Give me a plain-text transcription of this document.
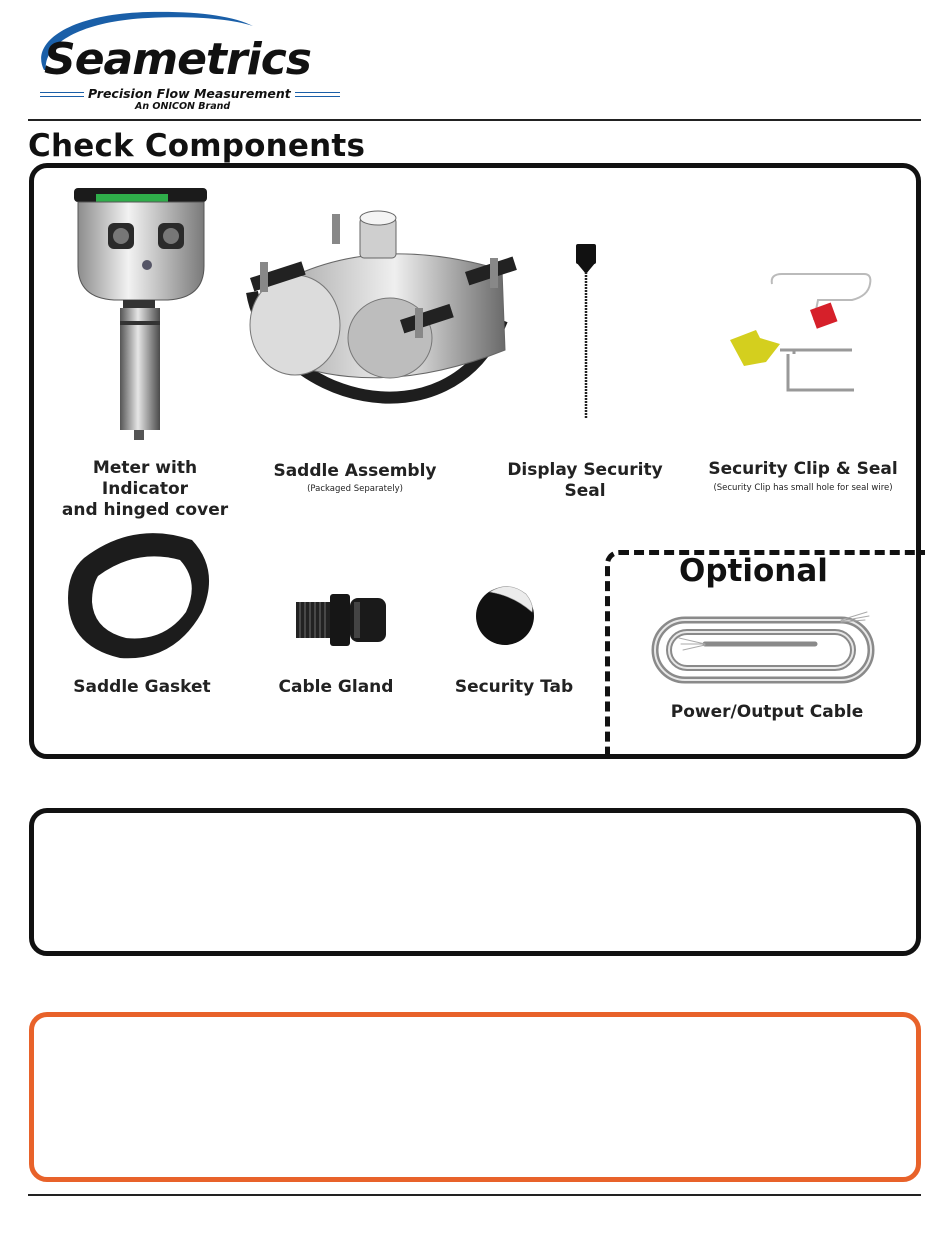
Seametrics
Precision Flow Measurement
An ONICON Brand
Check Components
Meter with Indicator
and hinged cover
Saddle Assembly
(Packaged Separately)
Display Security Seal
Security Clip & Seal
(Security Clip has small hole for seal wire)
Saddle Gasket	Cable Gland	Security Tab
Optional
Power/Output Cable
